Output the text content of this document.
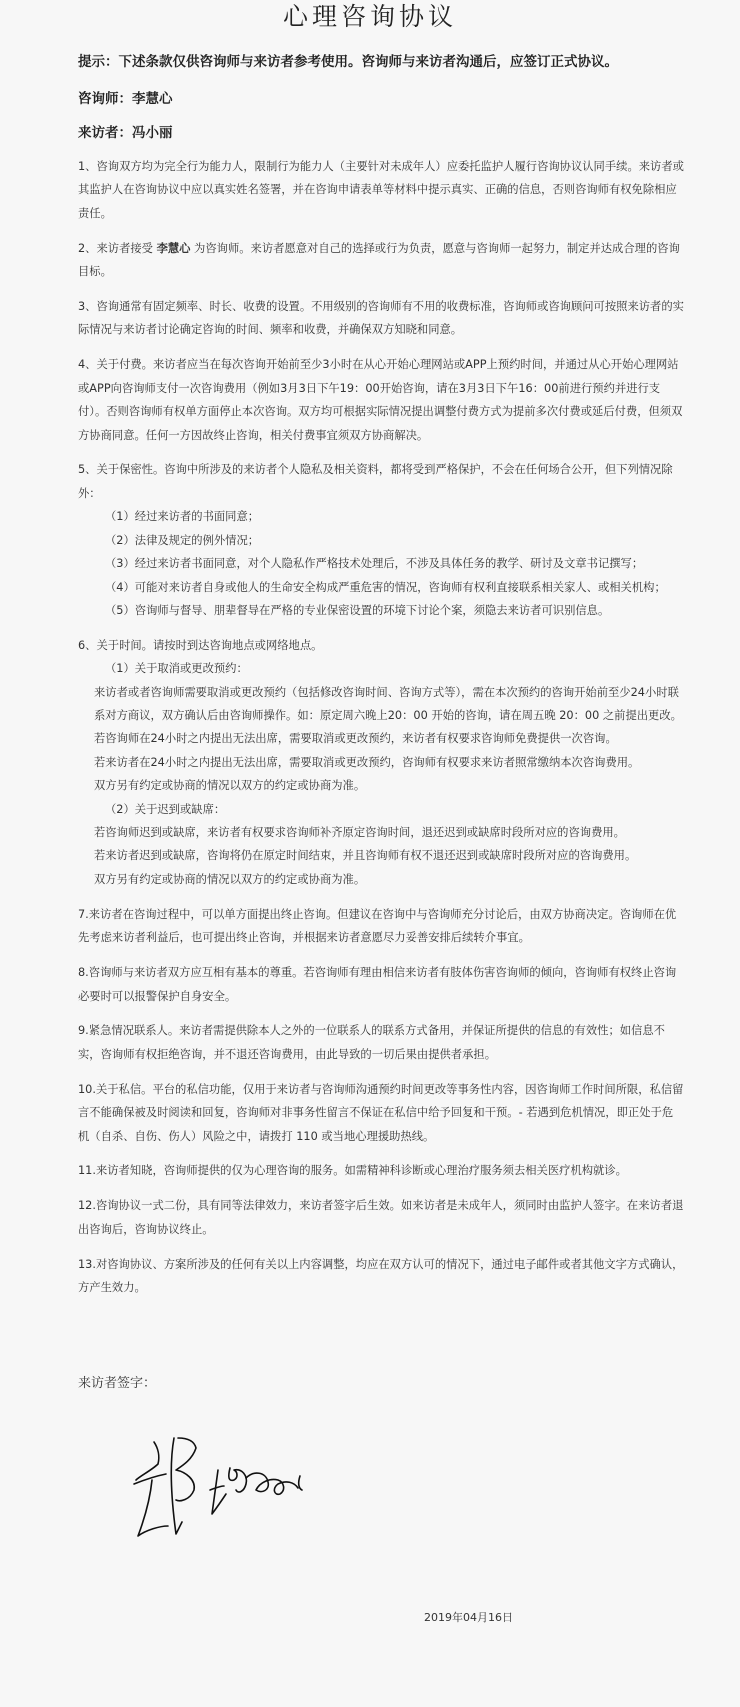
心理咨询协议
提示：下述条款仅供咨询师与来访者参考使用。咨询师与来访者沟通后，应签订正式协议。
咨询师：李慧心
来访者：冯小丽

1、咨询双方均为完全行为能力人，限制行为能力人（主要针对未成年人）应委托监护人履行咨询协议认同手续。来访者或其监护人在咨询协议中应以真实姓名签署，并在咨询申请表单等材料中提示真实、正确的信息，否则咨询师有权免除相应责任。

2、来访者接受 李慧心 为咨询师。来访者愿意对自己的选择或行为负责，愿意与咨询师一起努力，制定并达成合理的咨询目标。

3、咨询通常有固定频率、时长、收费的设置。不用级别的咨询师有不用的收费标准，咨询师或咨询顾问可按照来访者的实际情况与来访者讨论确定咨询的时间、频率和收费，并确保双方知晓和同意。

4、关于付费。来访者应当在每次咨询开始前至少3小时在从心开始心理网站或APP上预约时间，并通过从心开始心理网站或APP向咨询师支付一次咨询费用（例如3月3日下午19：00开始咨询，请在3月3日下午16：00前进行预约并进行支付）。否则咨询师有权单方面停止本次咨询。双方均可根据实际情况提出调整付费方式为提前多次付费或延后付费，但须双方协商同意。任何一方因故终止咨询，相关付费事宜须双方协商解决。

5、关于保密性。咨询中所涉及的来访者个人隐私及相关资料，都将受到严格保护，不会在任何场合公开，但下列情况除外：
（1）经过来访者的书面同意；
（2）法律及规定的例外情况；
（3）经过来访者书面同意，对个人隐私作严格技术处理后，不涉及具体任务的教学、研讨及文章书记撰写；
（4）可能对来访者自身或他人的生命安全构成严重危害的情况，咨询师有权利直接联系相关家人、或相关机构；
（5）咨询师与督导、朋辈督导在严格的专业保密设置的环境下讨论个案，须隐去来访者可识别信息。
6、关于时间。请按时到达咨询地点或网络地点。
（1）关于取消或更改预约：
来访者或者咨询师需要取消或更改预约（包括修改咨询时间、咨询方式等），需在本次预约的咨询开始前至少24小时联系对方商议，双方确认后由咨询师操作。如：原定周六晚上20：00 开始的咨询，请在周五晚 20：00 之前提出更改。
若咨询师在24小时之内提出无法出席，需要取消或更改预约，来访者有权要求咨询师免费提供一次咨询。
若来访者在24小时之内提出无法出席，需要取消或更改预约，咨询师有权要求来访者照常缴纳本次咨询费用。
双方另有约定或协商的情况以双方的约定或协商为准。
（2）关于迟到或缺席：
若咨询师迟到或缺席，来访者有权要求咨询师补齐原定咨询时间，退还迟到或缺席时段所对应的咨询费用。
若来访者迟到或缺席，咨询将仍在原定时间结束，并且咨询师有权不退还迟到或缺席时段所对应的咨询费用。
双方另有约定或协商的情况以双方的约定或协商为准。

7.来访者在咨询过程中，可以单方面提出终止咨询。但建议在咨询中与咨询师充分讨论后，由双方协商决定。咨询师在优先考虑来访者利益后，也可提出终止咨询，并根据来访者意愿尽力妥善安排后续转介事宜。

8.咨询师与来访者双方应互相有基本的尊重。若咨询师有理由相信来访者有肢体伤害咨询师的倾向，咨询师有权终止咨询必要时可以报警保护自身安全。

9.紧急情况联系人。来访者需提供除本人之外的一位联系人的联系方式备用，并保证所提供的信息的有效性；如信息不实，咨询师有权拒绝咨询，并不退还咨询费用，由此导致的一切后果由提供者承担。

10.关于私信。平台的私信功能，仅用于来访者与咨询师沟通预约时间更改等事务性内容，因咨询师工作时间所限，私信留言不能确保被及时阅读和回复，咨询师对非事务性留言不保证在私信中给予回复和干预。- 若遇到危机情况，即正处于危机（自杀、自伤、伤人）风险之中，请拨打 110 或当地心理援助热线。

11.来访者知晓，咨询师提供的仅为心理咨询的服务。如需精神科诊断或心理治疗服务须去相关医疗机构就诊。

12.咨询协议一式二份，具有同等法律效力，来访者签字后生效。如来访者是未成年人，须同时由监护人签字。在来访者退出咨询后，咨询协议终止。

13.对咨询协议、方案所涉及的任何有关以上内容调整，均应在双方认可的情况下，通过电子邮件或者其他文字方式确认，方产生效力。

来访者签字：
2019年04月16日
